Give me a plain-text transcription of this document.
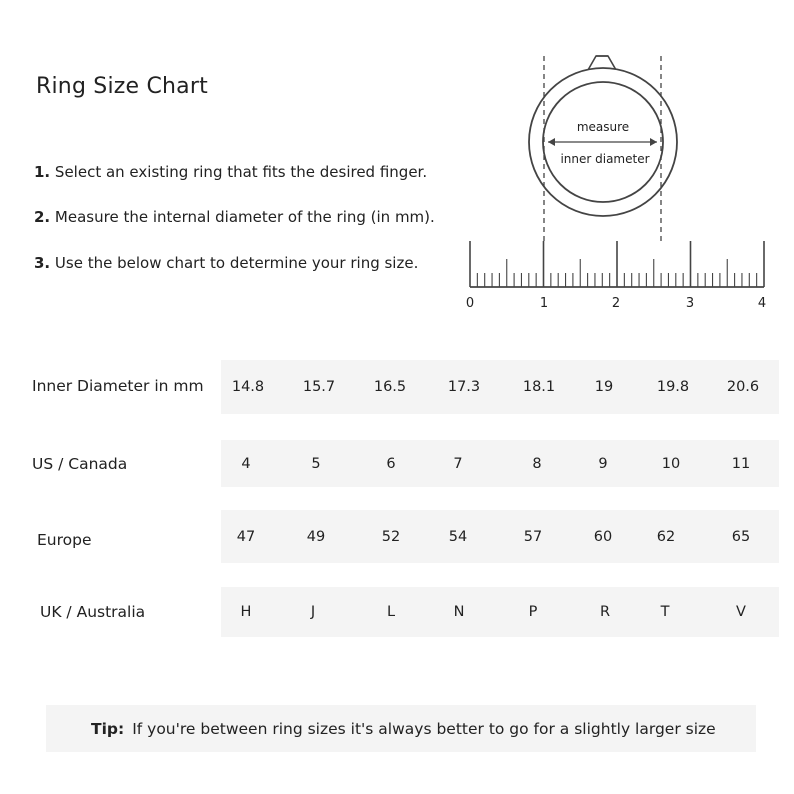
Ring Size Chart
1. Select an existing ring that fits the desired finger.
2. Measure the internal diameter of the ring (in mm).
3. Use the below chart to determine your ring size.
measure
inner diameter
0	1	2	3	4
Inner Diameter in mm	14.8	15.7	16.5	17.3	18.1	19	19.8	20.6
US / Canada	4	5	6	7	8	9	10	11
Europe	47	49	52	54	57	60	62	65
UK / Australia	H	J	L	N	P	R	T	V
Tip: If you're between ring sizes it's always better to go for a slightly larger size
